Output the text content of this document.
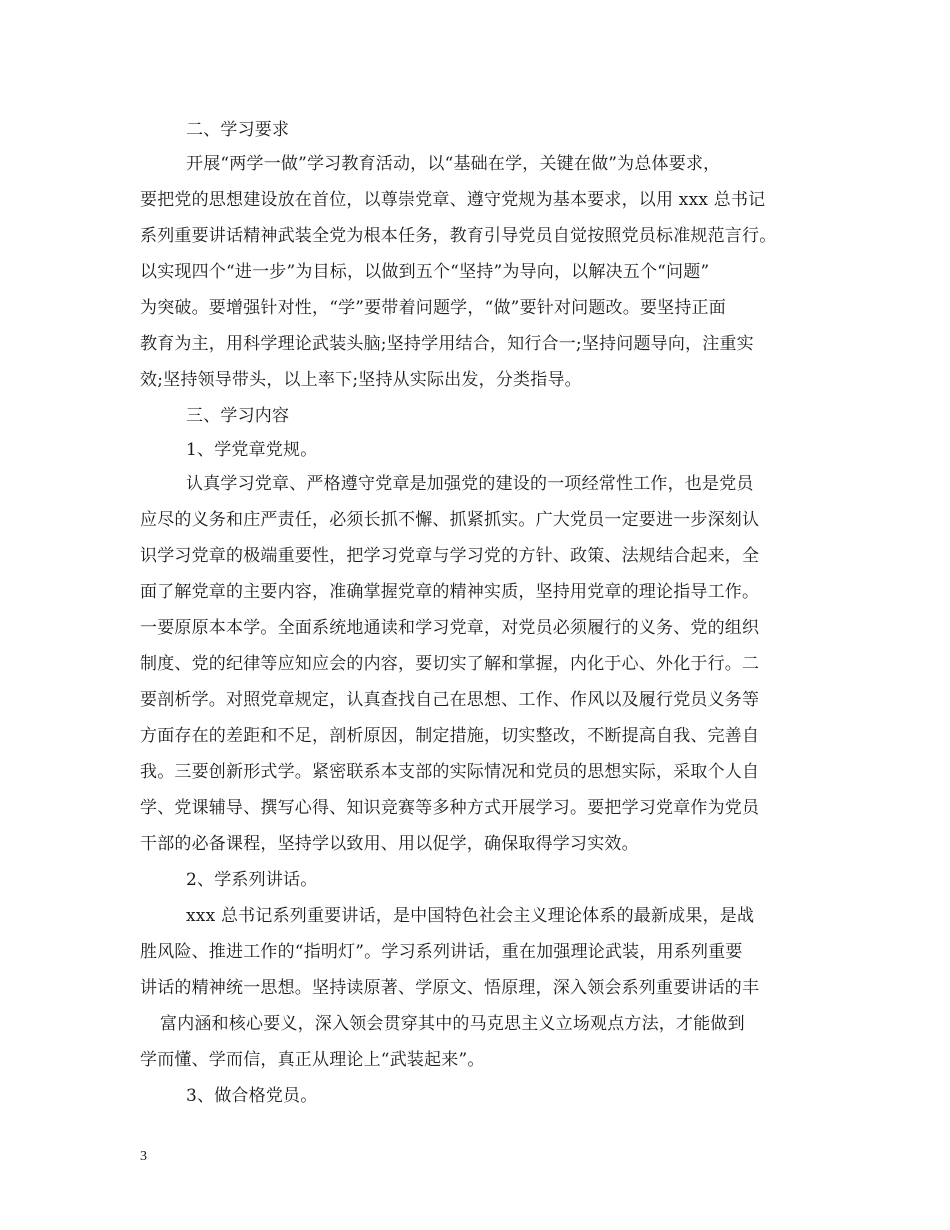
二、学习要求
开展“两学一做”学习教育活动，以“基础在学，关键在做”为总体要求，
要把党的思想建设放在首位，以尊崇党章、遵守党规为基本要求，以用 xxx 总书记
系列重要讲话精神武装全党为根本任务，教育引导党员自觉按照党员标准规范言行。
以实现四个“进一步”为目标，以做到五个“坚持”为导向，以解决五个“问题”
为突破。要增强针对性，“学”要带着问题学，“做”要针对问题改。要坚持正面
教育为主，用科学理论武装头脑;坚持学用结合，知行合一;坚持问题导向，注重实
效;坚持领导带头，以上率下;坚持从实际出发，分类指导。
三、学习内容
1、学党章党规。
认真学习党章、严格遵守党章是加强党的建设的一项经常性工作，也是党员
应尽的义务和庄严责任，必须长抓不懈、抓紧抓实。广大党员一定要进一步深刻认
识学习党章的极端重要性，把学习党章与学习党的方针、政策、法规结合起来，全
面了解党章的主要内容，准确掌握党章的精神实质，坚持用党章的理论指导工作。
一要原原本本学。全面系统地通读和学习党章，对党员必须履行的义务、党的组织
制度、党的纪律等应知应会的内容，要切实了解和掌握，内化于心、外化于行。二
要剖析学。对照党章规定，认真查找自己在思想、工作、作风以及履行党员义务等
方面存在的差距和不足，剖析原因，制定措施，切实整改，不断提高自我、完善自
我。三要创新形式学。紧密联系本支部的实际情况和党员的思想实际，采取个人自
学、党课辅导、撰写心得、知识竞赛等多种方式开展学习。要把学习党章作为党员
干部的必备课程，坚持学以致用、用以促学，确保取得学习实效。
2、学系列讲话。
xxx 总书记系列重要讲话，是中国特色社会主义理论体系的最新成果，是战
胜风险、推进工作的“指明灯”。学习系列讲话，重在加强理论武装，用系列重要
讲话的精神统一思想。坚持读原著、学原文、悟原理，深入领会系列重要讲话的丰
富内涵和核心要义，深入领会贯穿其中的马克思主义立场观点方法，才能做到
学而懂、学而信，真正从理论上“武装起来”。
3、做合格党员。
3
